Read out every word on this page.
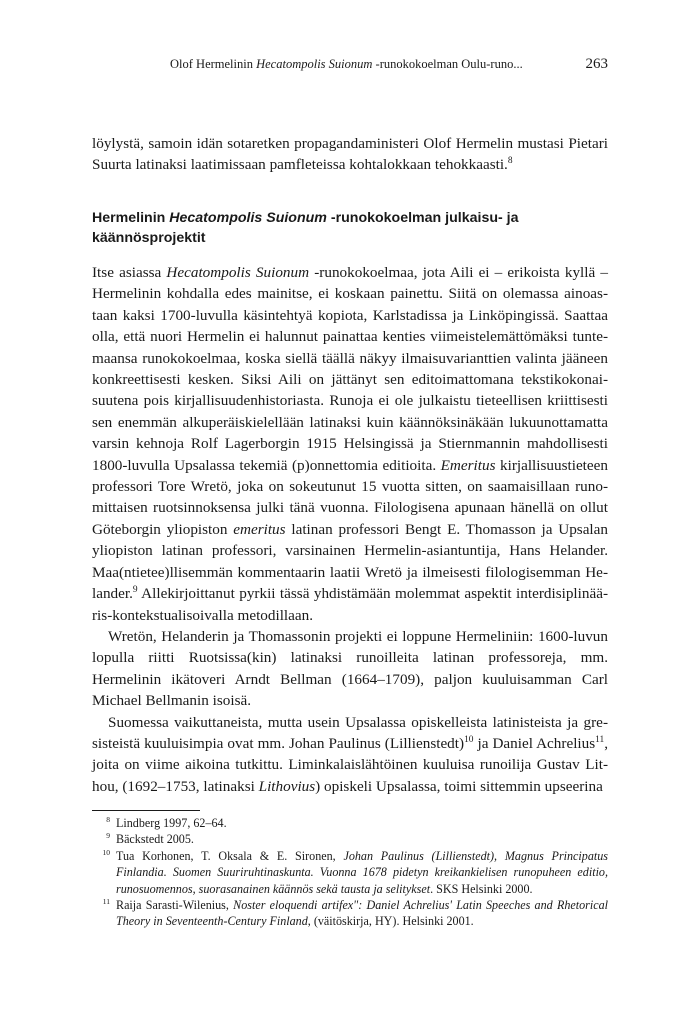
Olof Hermelinin Hecatompolis Suionum -runokokoelman Oulu-runo...	263

löylystä, samoin idän sotaretken propagandaministeri Olof Hermelin mustasi Pietari Suurta latinaksi laatimissaan pamfleteissa kohtalokkaan tehokkaasti.$^8$

Hermelinin Hecatompolis Suionum -runokokoelman julkaisu- ja käännösprojektit

Itse asiassa Hecatompolis Suionum -runokokoelmaa, jota Aili ei – erikoista kyllä – Hermelinin kohdalla edes mainitse, ei koskaan painettu. Siitä on olemassa ainoastaan kaksi 1700-luvulla käsintehtyä kopiota, Karlstadissa ja Linköpingissä. Saattaa olla, että nuori Hermelin ei halunnut painattaa kenties viimeistelemättömäksi tuntemaansa runokokoelmaa, koska siellä täällä näkyy ilmaisuvarianttien valinta jääneen konkreettisesti kesken. Siksi Aili on jättänyt sen editoimattomana tekstikokonaisuutena pois kirjallisuudenhistoriasta. Runoja ei ole julkaistu tieteellisen kriittisesti sen enemmän alkuperäiskielellään latinaksi kuin käännöksinäkään lukuunottamatta varsin kehnoja Rolf Lagerborgin 1915 Helsingissä ja Stiernmannin mahdollisesti 1800-luvulla Upsalassa tekemiä (p)onnettomia editioita. Emeritus kirjallisuustieteen professori Tore Wretö, joka on sokeutunut 15 vuotta sitten, on saamaisillaan runomittaisen ruotsinnoksensa julki tänä vuonna. Filologisena apunaan hänellä on ollut Göteborgin yliopiston emeritus latinan professori Bengt E. Thomasson ja Upsalan yliopiston latinan professori, varsinainen Hermelin-asiantuntija, Hans Helander. Maa(ntietee)llisemmän kommentaarin laatii Wretö ja ilmeisesti filologisemman Helander.$^9$ Allekirjoittanut pyrkii tässä yhdistämään molemmat aspektit interdisiplinääris-kontekstualisoivalla metodillaan.

Wretön, Helanderin ja Thomassonin projekti ei loppune Hermeliniin: 1600-luvun lopulla riitti Ruotsissa(kin) latinaksi runoilleita latinan professoreja, mm. Hermelinin ikätoveri Arndt Bellman (1664–1709), paljon kuuluisamman Carl Michael Bellmanin isoisä.

Suomessa vaikuttaneista, mutta usein Upsalassa opiskelleista latinisteista ja gresisteistä kuuluisimpia ovat mm. Johan Paulinus (Lillienstedt)$^{10}$ ja Daniel Achrelius$^{11}$, joita on viime aikoina tutkittu. Liminkalaislähtöinen kuuluisa runoilija Gustav Lithou, (1692–1753, latinaksi Lithovius) opiskeli Upsalassa, toimi sittemmin upseerina

8 Lindberg 1997, 62–64.
9 Bäckstedt 2005.
10 Tua Korhonen, T. Oksala & E. Sironen, Johan Paulinus (Lillienstedt), Magnus Principatus Finlandia. Suomen Suuriruhtinaskunta. Vuonna 1678 pidetyn kreikankielisen runopuheen editio, runosuomennos, suorasanainen käännös sekä tausta ja selitykset. SKS Helsinki 2000.
11 Raija Sarasti-Wilenius, Noster eloquendi artifex": Daniel Achrelius' Latin Speeches and Rhetorical Theory in Seventeenth-Century Finland, (väitöskirja, HY). Helsinki 2001.
